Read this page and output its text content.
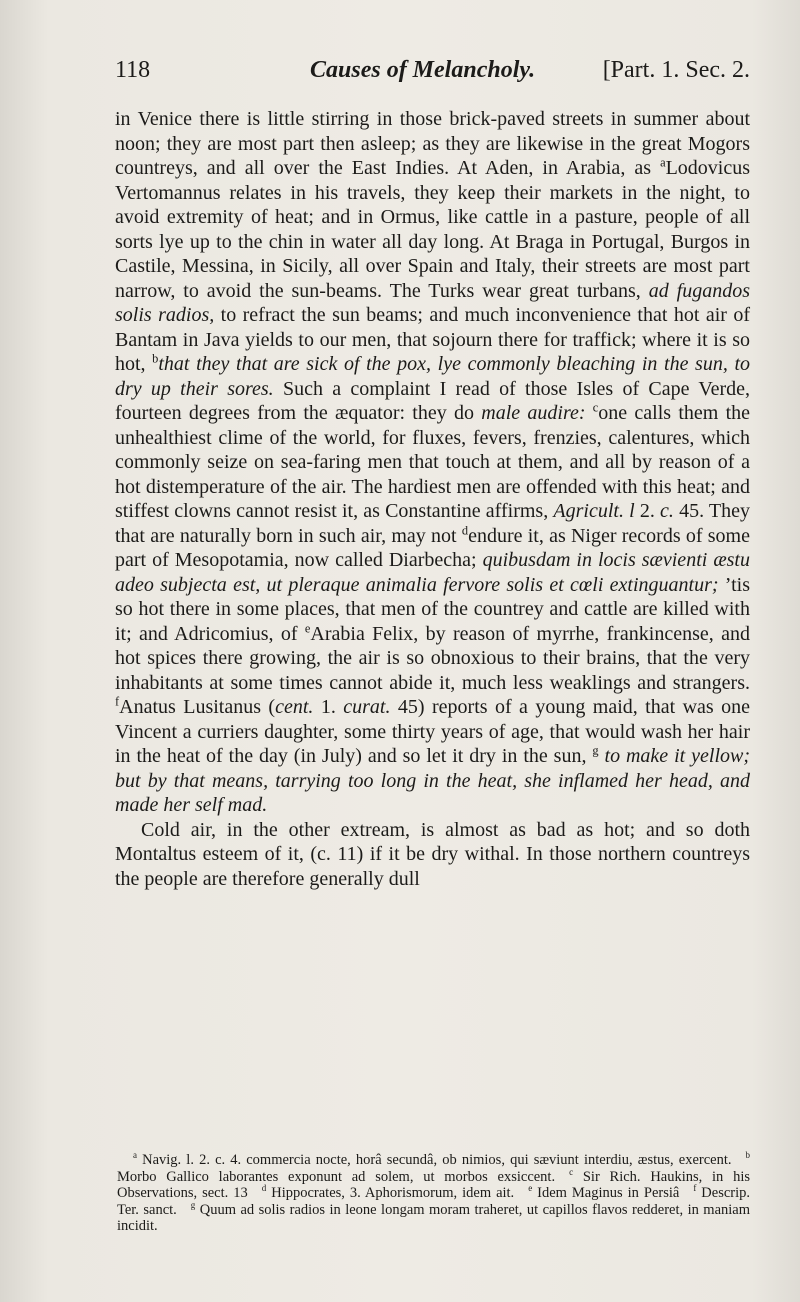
118	Causes of Melancholy.	[Part. 1. Sec. 2.

in Venice there is little stirring in those brick-paved streets in summer about noon; they are most part then asleep; as they are likewise in the great Mogors countreys, and all over the East Indies. At Aden, in Arabia, as $^a$Lodovicus Vertomannus relates in his travels, they keep their markets in the night, to avoid extremity of heat; and in Ormus, like cattle in a pasture, people of all sorts lye up to the chin in water all day long. At Braga in Portugal, Burgos in Castile, Messina, in Sicily, all over Spain and Italy, their streets are most part narrow, to avoid the sun-beams. The Turks wear great turbans, ad fugandos solis radios, to refract the sun beams; and much inconvenience that hot air of Bantam in Java yields to our men, that sojourn there for traffick; where it is so hot, $^b$that they that are sick of the pox, lye commonly bleaching in the sun, to dry up their sores. Such a complaint I read of those Isles of Cape Verde, fourteen degrees from the æquator: they do male audire: $^c$one calls them the unhealthiest clime of the world, for fluxes, fevers, frenzies, calentures, which commonly seize on sea-faring men that touch at them, and all by reason of a hot distemperature of the air. The hardiest men are offended with this heat; and stiffest clowns cannot resist it, as Constantine affirms, Agricult. l 2. c. 45. They that are naturally born in such air, may not $^d$endure it, as Niger records of some part of Mesopotamia, now called Diarbecha; quibusdam in locis sævienti æstu adeo subjecta est, ut pleraque animalia fervore solis et cœli extinguantur; ’tis so hot there in some places, that men of the countrey and cattle are killed with it; and Adricomius, of $^e$Arabia Felix, by reason of myrrhe, frankincense, and hot spices there growing, the air is so obnoxious to their brains, that the very inhabitants at some times cannot abide it, much less weaklings and strangers. $^f$Anatus Lusitanus (cent. 1. curat. 45) reports of a young maid, that was one Vincent a curriers daughter, some thirty years of age, that would wash her hair in the heat of the day (in July) and so let it dry in the sun, $^g$ to make it yellow; but by that means, tarrying too long in the heat, she inflamed her head, and made her self mad.

Cold air, in the other extream, is almost as bad as hot; and so doth Montaltus esteem of it, (c. 11) if it be dry withal. In those northern countreys the people are therefore generally dull

$^a$ Navig. l. 2. c. 4. commercia nocte, horâ secundâ, ob nimios, qui sæviunt interdiu, æstus, exercent. $^b$ Morbo Gallico laborantes exponunt ad solem, ut morbos exsiccent. $^c$ Sir Rich. Haukins, in his Observations, sect. 13 $^d$ Hippocrates, 3. Aphorismorum, idem ait. $^e$ Idem Maginus in Persiâ $^f$ Descrip. Ter. sanct. $^g$ Quum ad solis radios in leone longam moram traheret, ut capillos flavos redderet, in maniam incidit.
